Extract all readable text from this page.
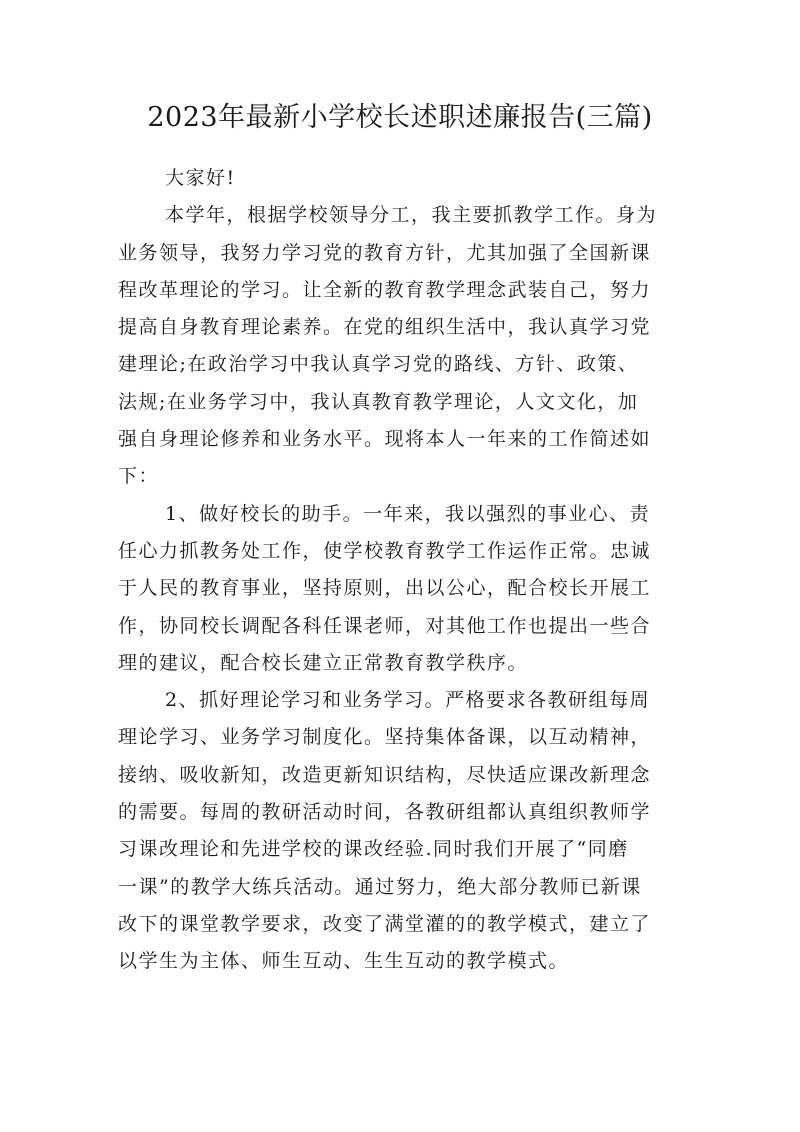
2023年最新小学校长述职述廉报告(三篇)
大家好!
本学年，根据学校领导分工，我主要抓教学工作。身为
业务领导，我努力学习党的教育方针，尤其加强了全国新课
程改革理论的学习。让全新的教育教学理念武装自己，努力
提高自身教育理论素养。在党的组织生活中，我认真学习党
建理论;在政治学习中我认真学习党的路线、方针、政策、
法规;在业务学习中，我认真教育教学理论，人文文化，加
强自身理论修养和业务水平。现将本人一年来的工作简述如
下：
1、做好校长的助手。一年来，我以强烈的事业心、责
任心力抓教务处工作，使学校教育教学工作运作正常。忠诚
于人民的教育事业，坚持原则，出以公心，配合校长开展工
作，协同校长调配各科任课老师，对其他工作也提出一些合
理的建议，配合校长建立正常教育教学秩序。
2、抓好理论学习和业务学习。严格要求各教研组每周
理论学习、业务学习制度化。坚持集体备课，以互动精神，
接纳、吸收新知，改造更新知识结构，尽快适应课改新理念
的需要。每周的教研活动时间，各教研组都认真组织教师学
习课改理论和先进学校的课改经验.同时我们开展了“同磨
一课”的教学大练兵活动。通过努力，绝大部分教师已新课
改下的课堂教学要求，改变了满堂灌的的教学模式，建立了
以学生为主体、师生互动、生生互动的教学模式。
